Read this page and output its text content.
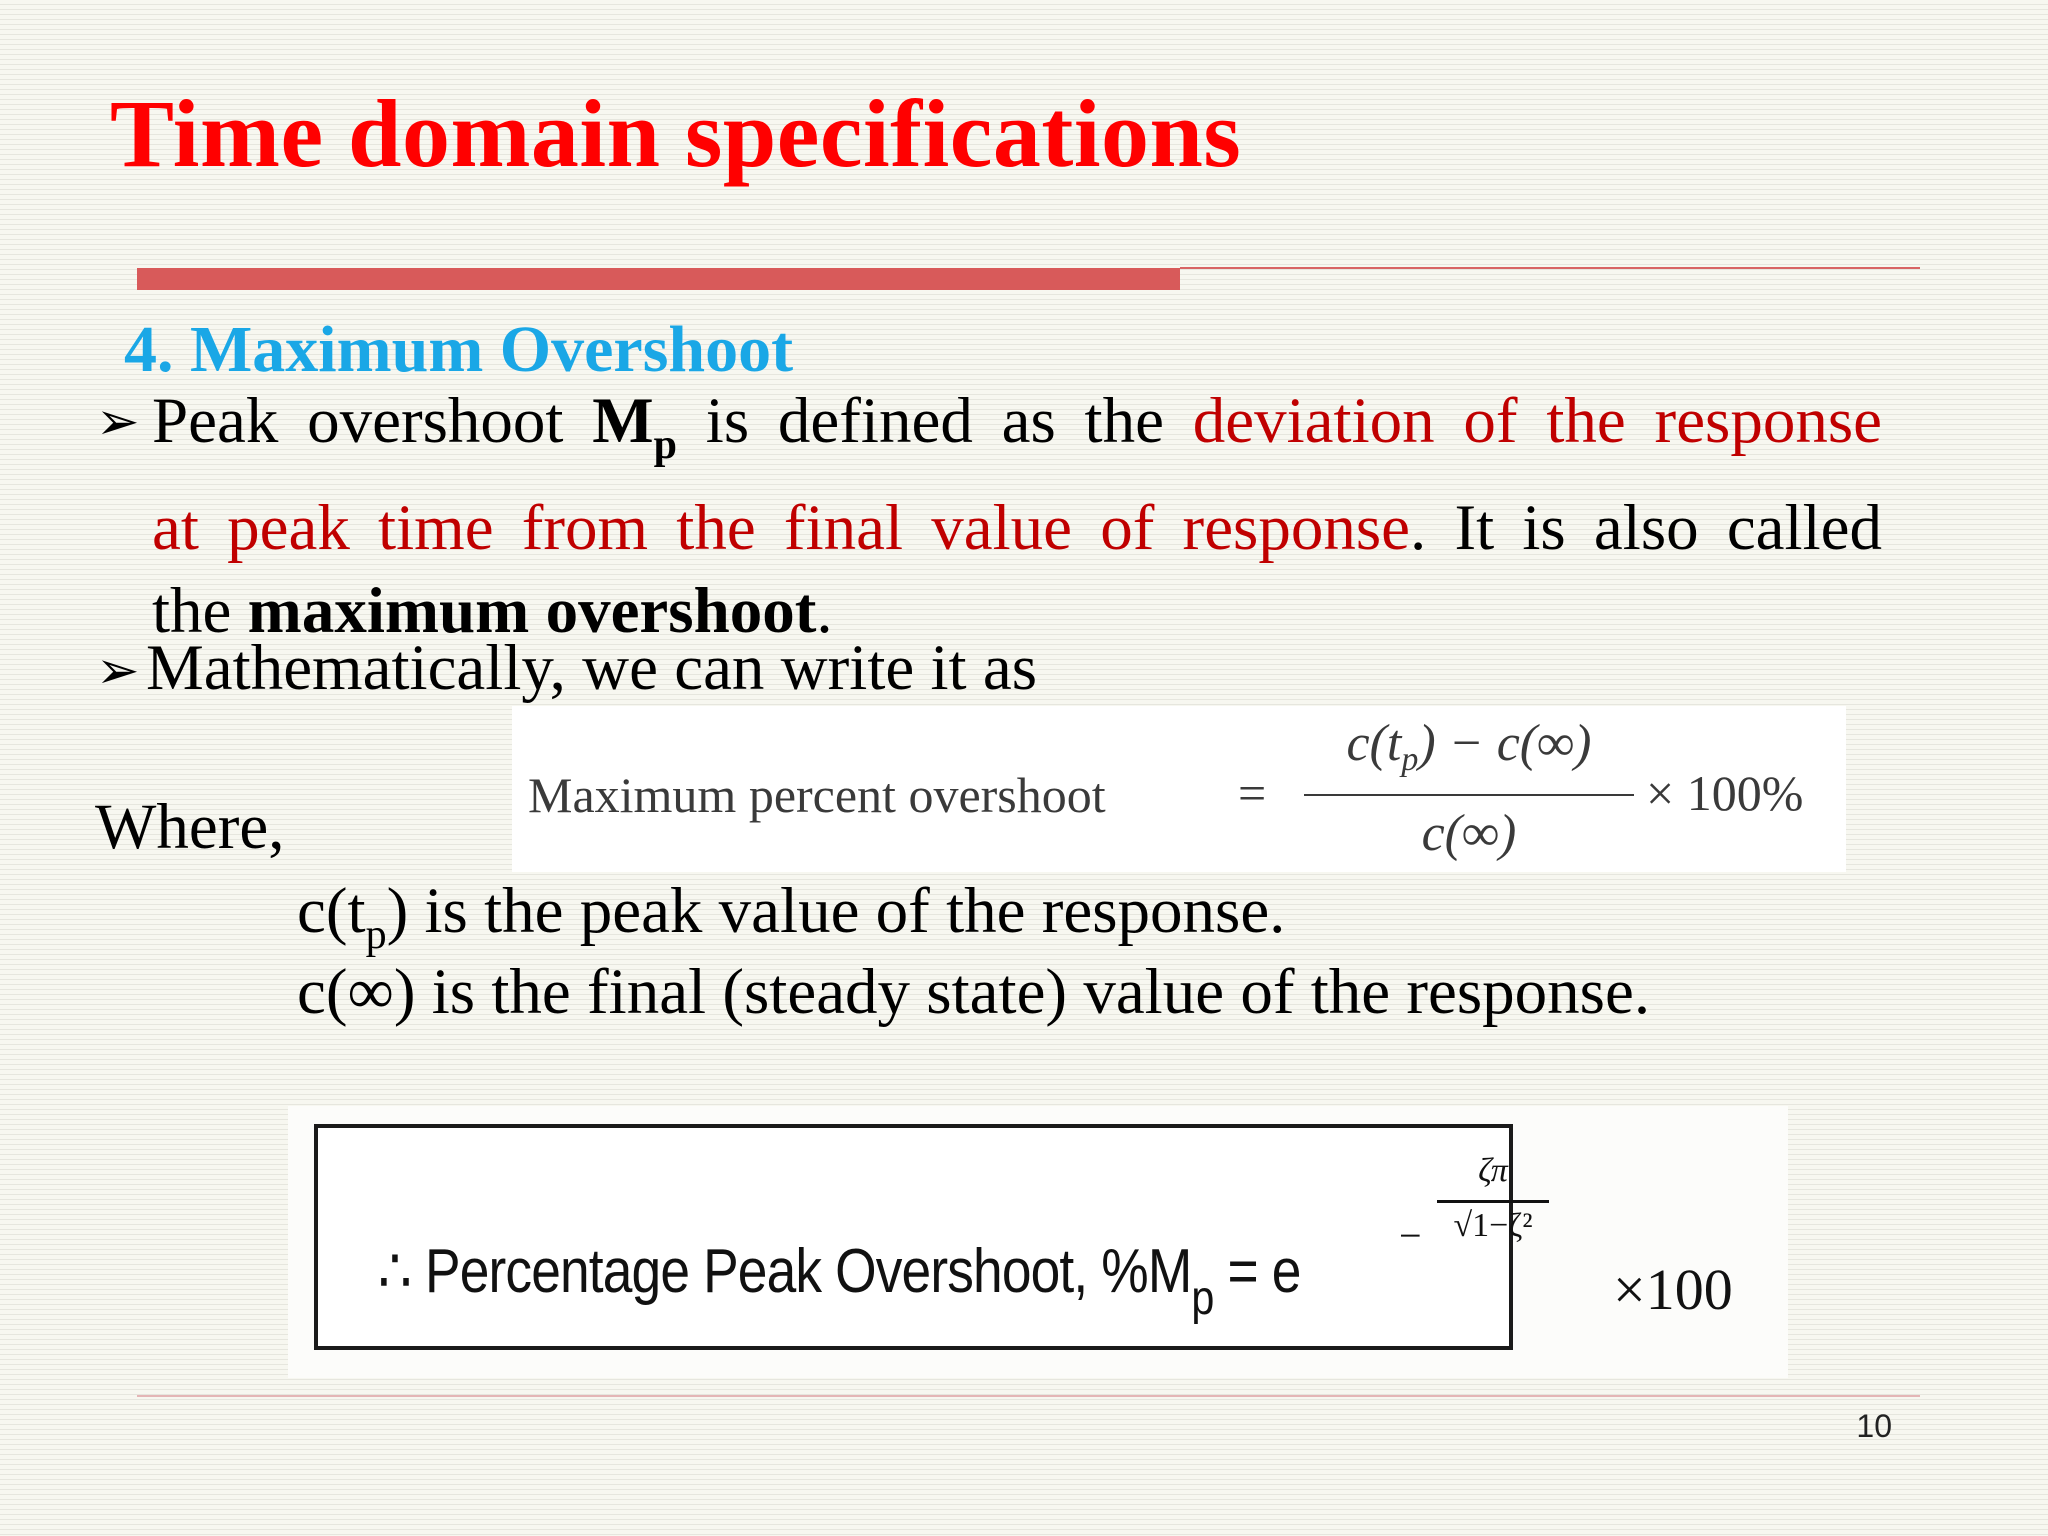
Time domain specifications
4. Maximum Overshoot
➢ Peak overshoot $M_p$ is defined as the deviation of the response
at peak time from the final value of response. It is also called
the maximum overshoot.
➢ Mathematically, we can write it as
Where,	Maximum percent overshoot	=
c(tp) − c(∞)
c(∞)
× 100%
$c(t_p)$ is the peak value of the response.
c(∞) is the final (steady state) value of the response.
∴ Percentage Peak Overshoot, $\%M_p = e$
−
ζπ
√1−ζ²
×100
10
